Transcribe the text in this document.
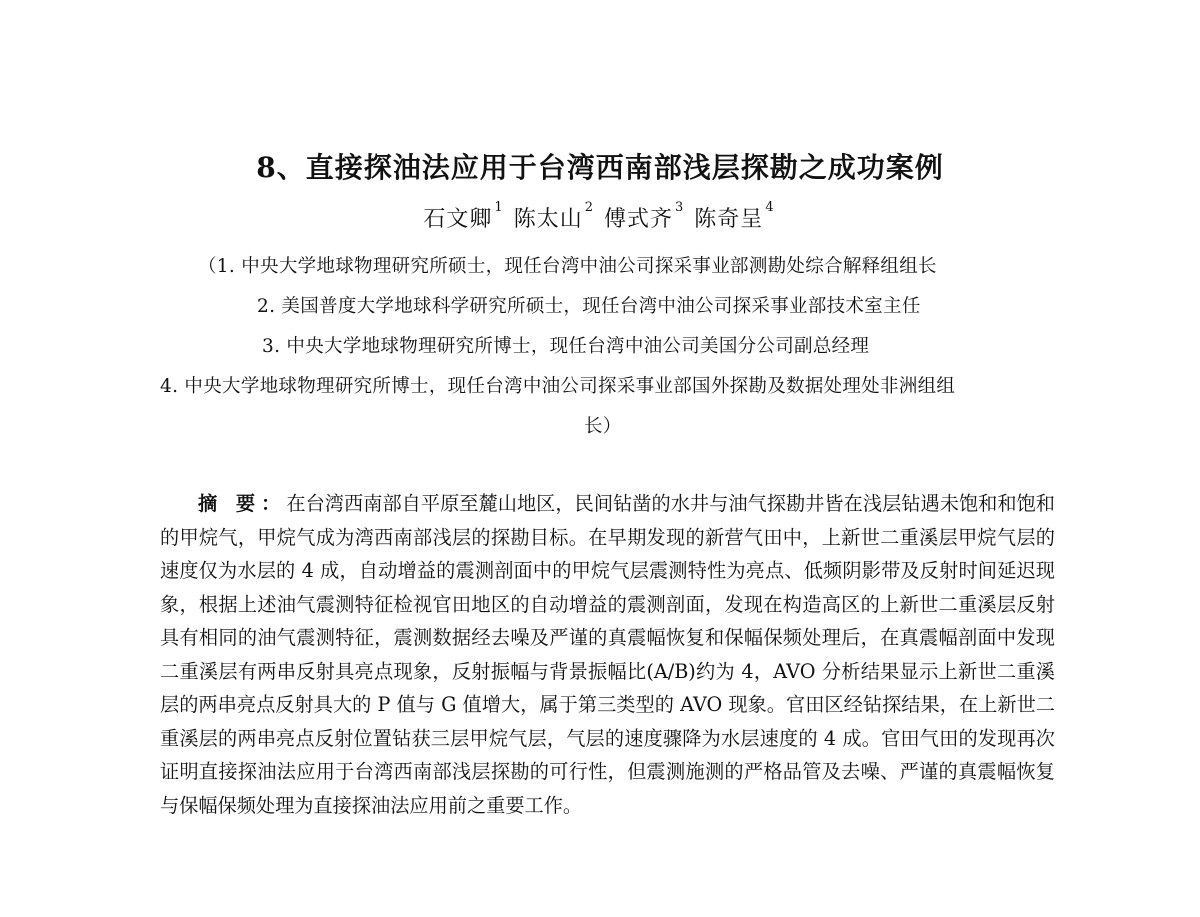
8、直接探油法应用于台湾西南部浅层探勘之成功案例
石文卿 $^1$ 陈太山 $^2$ 傅式齐 $^3$ 陈奇呈 $^4$
（1. 中央大学地球物理研究所硕士，现任台湾中油公司探采事业部测勘处综合解释组组长
2. 美国普度大学地球科学研究所硕士，现任台湾中油公司探采事业部技术室主任
3. 中央大学地球物理研究所博士，现任台湾中油公司美国分公司副总经理
4. 中央大学地球物理研究所博士，现任台湾中油公司探采事业部国外探勘及数据处理处非洲组组
长）

摘 要：在台湾西南部自平原至麓山地区，民间钻凿的水井与油气探勘井皆在浅层钻遇未饱和和饱和的甲烷气，甲烷气成为湾西南部浅层的探勘目标。在早期发现的新营气田中，上新世二重溪层甲烷气层的速度仅为水层的 4 成，自动增益的震测剖面中的甲烷气层震测特性为亮点、低频阴影带及反射时间延迟现象，根据上述油气震测特征检视官田地区的自动增益的震测剖面，发现在构造高区的上新世二重溪层反射具有相同的油气震测特征，震测数据经去噪及严谨的真震幅恢复和保幅保频处理后，在真震幅剖面中发现二重溪层有两串反射具亮点现象，反射振幅与背景振幅比(A/B)约为 4，AVO 分析结果显示上新世二重溪层的两串亮点反射具大的 P 值与 G 值增大，属于第三类型的 AVO 现象。官田区经钻探结果，在上新世二重溪层的两串亮点反射位置钻获三层甲烷气层，气层的速度骤降为水层速度的 4 成。官田气田的发现再次证明直接探油法应用于台湾西南部浅层探勘的可行性，但震测施测的严格品管及去噪、严谨的真震幅恢复与保幅保频处理为直接探油法应用前之重要工作。
